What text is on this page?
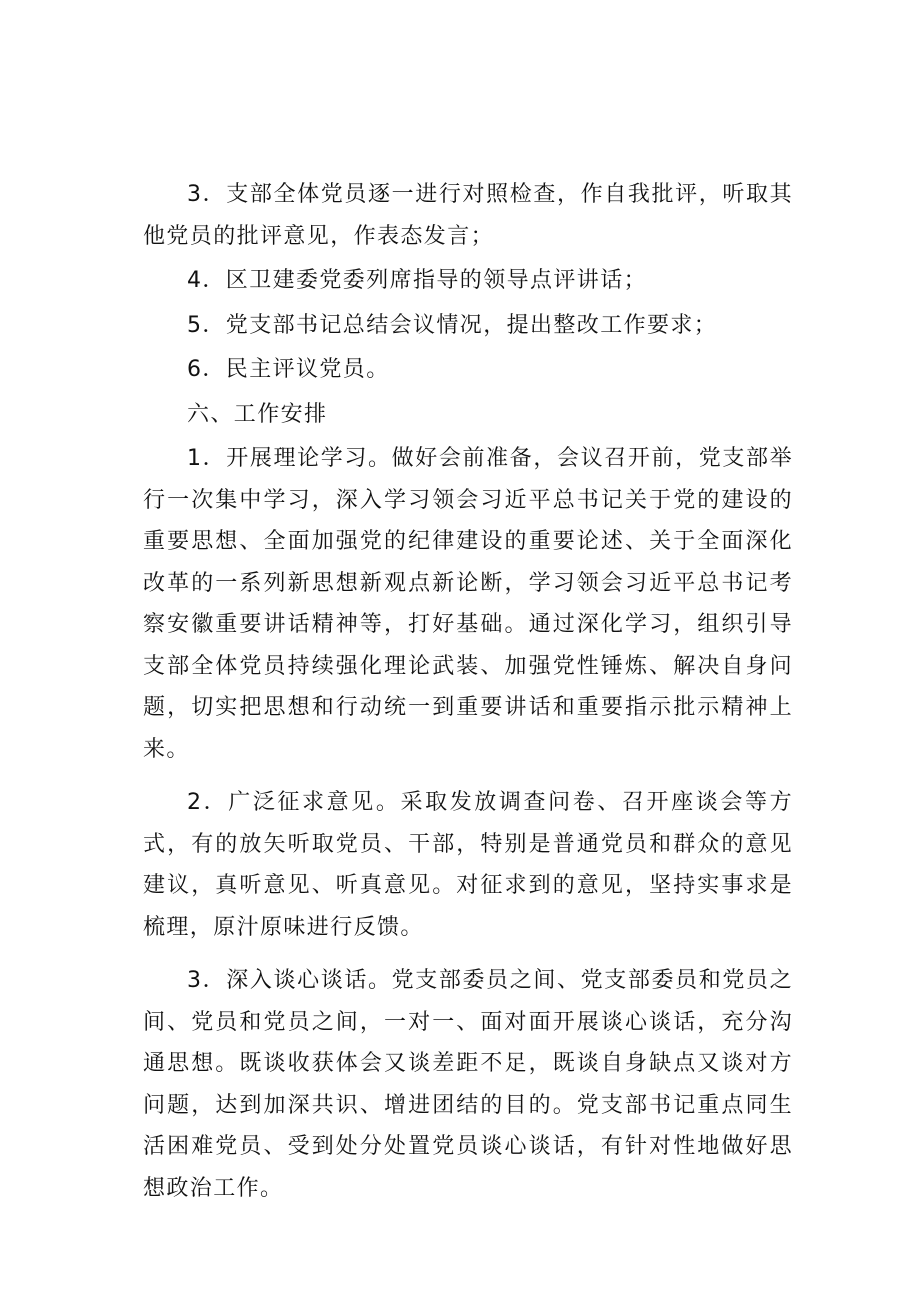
3．支部全体党员逐一进行对照检查，作自我批评，听取其他党员的批评意见，作表态发言；

4．区卫建委党委列席指导的领导点评讲话；

5．党支部书记总结会议情况，提出整改工作要求；

6．民主评议党员。

六、工作安排

1．开展理论学习。做好会前准备，会议召开前，党支部举行一次集中学习，深入学习领会习近平总书记关于党的建设的重要思想、全面加强党的纪律建设的重要论述、关于全面深化改革的一系列新思想新观点新论断，学习领会习近平总书记考察安徽重要讲话精神等，打好基础。通过深化学习，组织引导支部全体党员持续强化理论武装、加强党性锤炼、解决自身问题，切实把思想和行动统一到重要讲话和重要指示批示精神上来。

2．广泛征求意见。采取发放调查问卷、召开座谈会等方式，有的放矢听取党员、干部，特别是普通党员和群众的意见建议，真听意见、听真意见。对征求到的意见，坚持实事求是梳理，原汁原味进行反馈。

3．深入谈心谈话。党支部委员之间、党支部委员和党员之间、党员和党员之间，一对一、面对面开展谈心谈话，充分沟通思想。既谈收获体会又谈差距不足，既谈自身缺点又谈对方问题，达到加深共识、增进团结的目的。党支部书记重点同生活困难党员、受到处分处置党员谈心谈话，有针对性地做好思想政治工作。
